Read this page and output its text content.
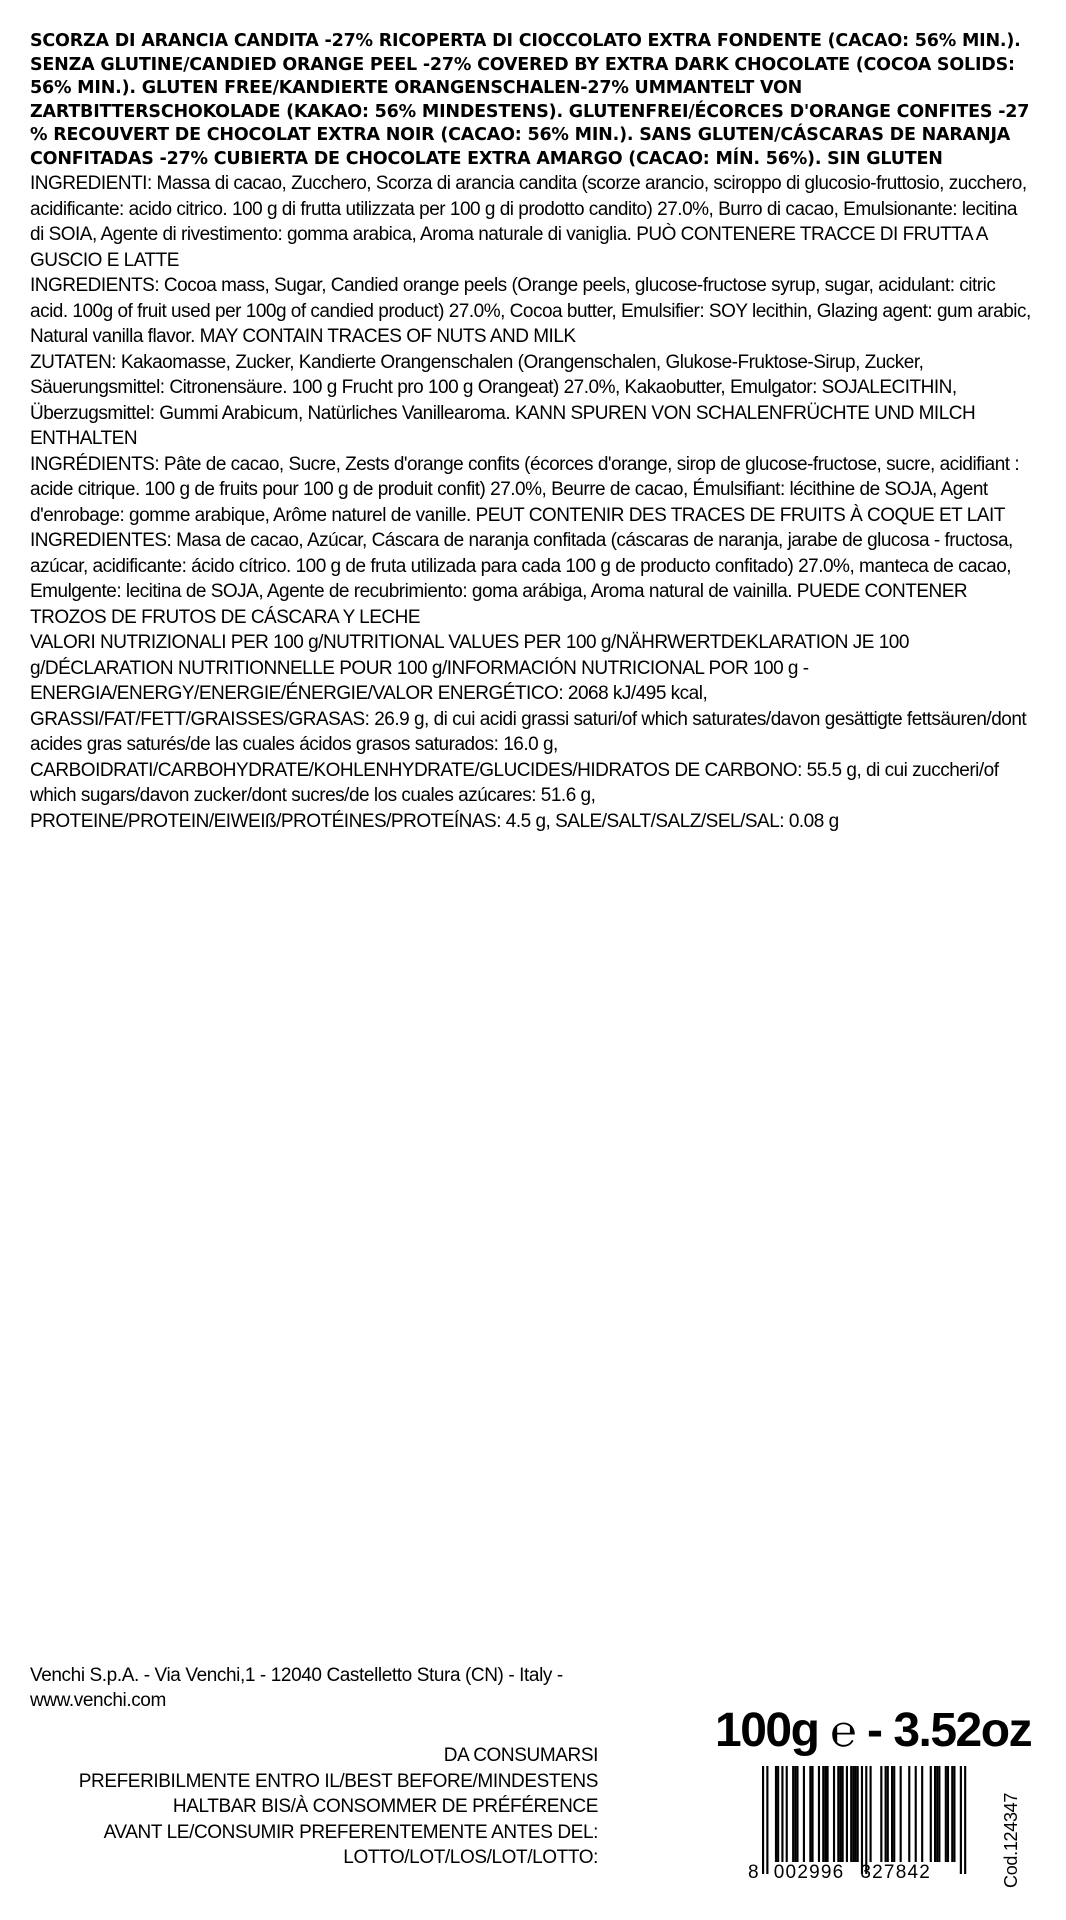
SCORZA DI ARANCIA CANDITA -27% RICOPERTA DI CIOCCOLATO EXTRA FONDENTE (CACAO: 56% MIN.). SENZA GLUTINE/CANDIED ORANGE PEEL -27% COVERED BY EXTRA DARK CHOCOLATE (COCOA SOLIDS: 56% MIN.). GLUTEN FREE/KANDIERTE ORANGENSCHALEN-27% UMMANTELT VON ZARTBITTERSCHOKOLADE (KAKAO: 56% MINDESTENS). GLUTENFREI/ÉCORCES D'ORANGE CONFITES -27 % RECOUVERT DE CHOCOLAT EXTRA NOIR (CACAO: 56% MIN.). SANS GLUTEN/CÁSCARAS DE NARANJA CONFITADAS -27% CUBIERTA DE CHOCOLATE EXTRA AMARGO (CACAO: MÍN. 56%). SIN GLUTEN

INGREDIENTI: Massa di cacao, Zucchero, Scorza di arancia candita (scorze arancio, sciroppo di glucosio-fruttosio, zucchero, acidificante: acido citrico. 100 g di frutta utilizzata per 100 g di prodotto candito) 27.0%, Burro di cacao, Emulsionante: lecitina di SOIA, Agente di rivestimento: gomma arabica, Aroma naturale di vaniglia. PUÒ CONTENERE TRACCE DI FRUTTA A GUSCIO E LATTE

INGREDIENTS: Cocoa mass, Sugar, Candied orange peels (Orange peels, glucose-fructose syrup, sugar, acidulant: citric acid. 100g of fruit used per 100g of candied product) 27.0%, Cocoa butter, Emulsifier: SOY lecithin, Glazing agent: gum arabic, Natural vanilla flavor. MAY CONTAIN TRACES OF NUTS AND MILK

ZUTATEN: Kakaomasse, Zucker, Kandierte Orangenschalen (Orangenschalen, Glukose-Fruktose-Sirup, Zucker, Säuerungsmittel: Citronensäure. 100 g Frucht pro 100 g Orangeat) 27.0%, Kakaobutter, Emulgator: SOJALECITHIN, Überzugsmittel: Gummi Arabicum, Natürliches Vanillearoma. KANN SPUREN VON SCHALENFRÜCHTE UND MILCH ENTHALTEN

INGRÉDIENTS: Pâte de cacao, Sucre, Zests d'orange confits (écorces d'orange, sirop de glucose-fructose, sucre, acidifiant : acide citrique. 100 g de fruits pour 100 g de produit confit) 27.0%, Beurre de cacao, Émulsifiant: lécithine de SOJA, Agent d'enrobage: gomme arabique, Arôme naturel de vanille. PEUT CONTENIR DES TRACES DE FRUITS À COQUE ET LAIT

INGREDIENTES: Masa de cacao, Azúcar, Cáscara de naranja confitada (cáscaras de naranja, jarabe de glucosa - fructosa, azúcar, acidificante: ácido cítrico. 100 g de fruta utilizada para cada 100 g de producto confitado) 27.0%, manteca de cacao, Emulgente: lecitina de SOJA, Agente de recubrimiento: goma arábiga, Aroma natural de vainilla. PUEDE CONTENER TROZOS DE FRUTOS DE CÁSCARA Y LECHE

VALORI NUTRIZIONALI PER 100 g/NUTRITIONAL VALUES PER 100 g/NÄHRWERTDEKLARATION JE 100 g/DÉCLARATION NUTRITIONNELLE POUR 100 g/INFORMACIÓN NUTRICIONAL POR 100 g -

ENERGIA/ENERGY/ENERGIE/ÉNERGIE/VALOR ENERGÉTICO: 2068 kJ/495 kcal,

GRASSI/FAT/FETT/GRAISSES/GRASAS: 26.9 g, di cui acidi grassi saturi/of which saturates/davon gesättigte fettsäuren/dont acides gras saturés/de las cuales ácidos grasos saturados: 16.0 g,

CARBOIDRATI/CARBOHYDRATE/KOHLENHYDRATE/GLUCIDES/HIDRATOS DE CARBONO: 55.5 g, di cui zuccheri/of which sugars/davon zucker/dont sucres/de los cuales azúcares: 51.6 g,

PROTEINE/PROTEIN/EIWEIß/PROTÉINES/PROTEÍNAS: 4.5 g, SALE/SALT/SALZ/SEL/SAL: 0.08 g

Venchi S.p.A. - Via Venchi,1 - 12040 Castelletto Stura (CN) - Italy -
www.venchi.com
DA CONSUMARSI
PREFERIBILMENTE ENTRO IL/BEST BEFORE/MINDESTENS
HALTBAR BIS/À CONSOMMER DE PRÉFÉRENCE
AVANT LE/CONSUMIR PREFERENTEMENTE ANTES DEL:
LOTTO/LOT/LOS/LOT/LOTTO:
100g ℮ - 3.52oz
8 002996 327842	Cod.124347
